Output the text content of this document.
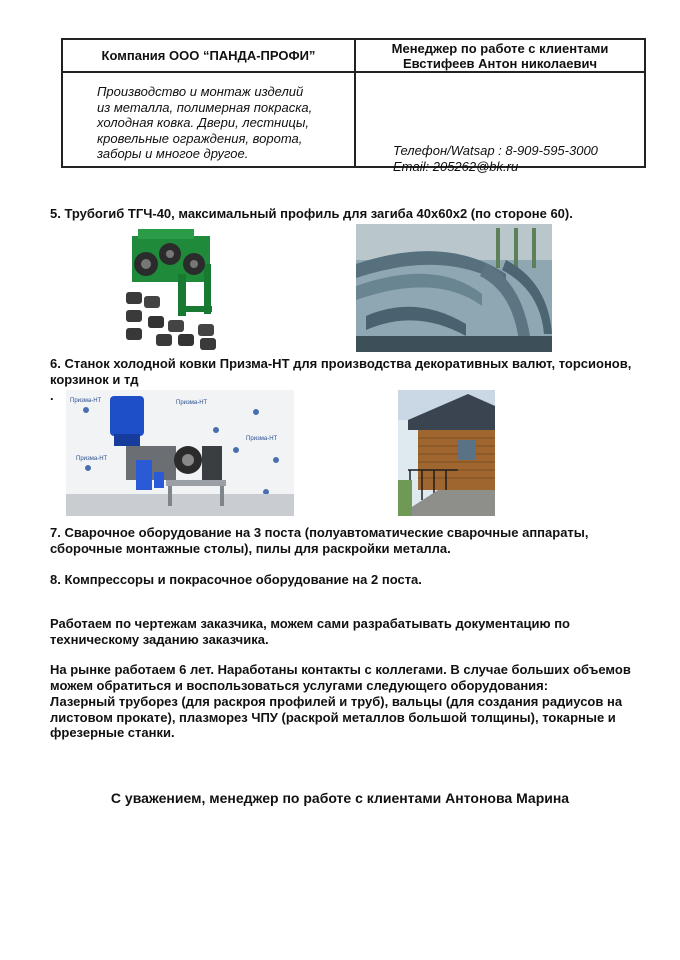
Компания ООО “ПАНДА-ПРОФИ”	Менеджер по работе с клиентами
Евстифеев Антон николаевич
Производство и монтаж изделий
из металла, полимерная покраска,
холодная ковка. Двери, лестницы,
кровельные ограждения, ворота,
заборы и многое другое.	Телефон/Watsap : 8-909-595-3000
Email: 205262@bk.ru
5. Трубогиб ТГЧ-40, максимальный профиль для загиба 40х60х2 (по стороне 60).
6. Станок холодной ковки Призма-НТ для производства декоративных валют, торсионов, корзинок и тд
.	Призма-НТ	Призма-НТ
Призма-НТ
Призма-НТ
7. Сварочное оборудование на 3 поста (полуавтоматические сварочные аппараты, сборочные монтажные столы), пилы для раскройки металла.
8. Компрессоры и покрасочное оборудование на 2 поста.
Работаем по чертежам заказчика, можем сами разрабатывать документацию по техническому заданию заказчика.
На рынке работаем 6 лет. Наработаны контакты с коллегами. В случае больших объемов можем обратиться и воспользоваться услугами следующего оборудования:
Лазерный труборез (для раскроя профилей и труб), вальцы (для создания радиусов на листовом прокате), плазморез ЧПУ (раскрой металлов большой толщины), токарные и фрезерные станки.
С уважением, менеджер по работе с клиентами Антонова Марина
